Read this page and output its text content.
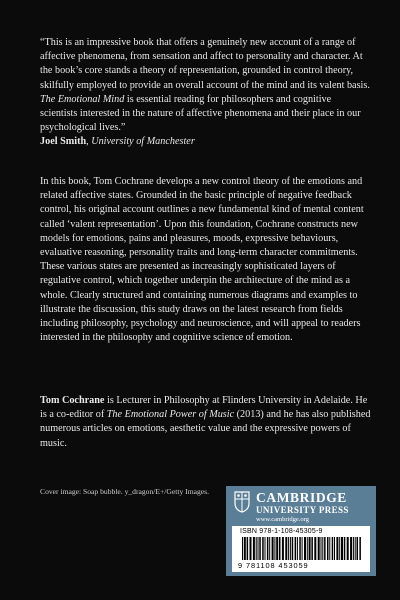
“This is an impressive book that offers a genuinely new account of a range of affective phenomena, from sensation and affect to personality and character. At the book’s core stands a theory of representation, grounded in control theory, skilfully employed to provide an overall account of the mind and its valent basis. The Emotional Mind is essential reading for philosophers and cognitive scientists interested in the nature of affective phenomena and their place in our psychological lives.”

Joel Smith, University of Manchester

In this book, Tom Cochrane develops a new control theory of the emotions and related affective states. Grounded in the basic principle of negative feedback control, his original account outlines a new fundamental kind of mental content called ‘valent representation’. Upon this foundation, Cochrane constructs new models for emotions, pains and pleasures, moods, expressive behaviours, evaluative reasoning, personality traits and long-term character commitments. These various states are presented as increasingly sophisticated layers of regulative control, which together underpin the architecture of the mind as a whole. Clearly structured and containing numerous diagrams and examples to illustrate the discussion, this study draws on the latest research from fields including philosophy, psychology and neuroscience, and will appeal to readers interested in the philosophy and cognitive science of emotion.

Tom Cochrane is Lecturer in Philosophy at Flinders University in Adelaide. He is a co-editor of The Emotional Power of Music (2013) and he has also published numerous articles on emotions, aesthetic value and the expressive powers of music.

Cover image: Soap bubble. y_dragon/E+/Getty Images.	CAMBRIDGE
UNIVERSITY PRESS
www.cambridge.org
ISBN 978-1-108-45305-9
9 781108 453059
